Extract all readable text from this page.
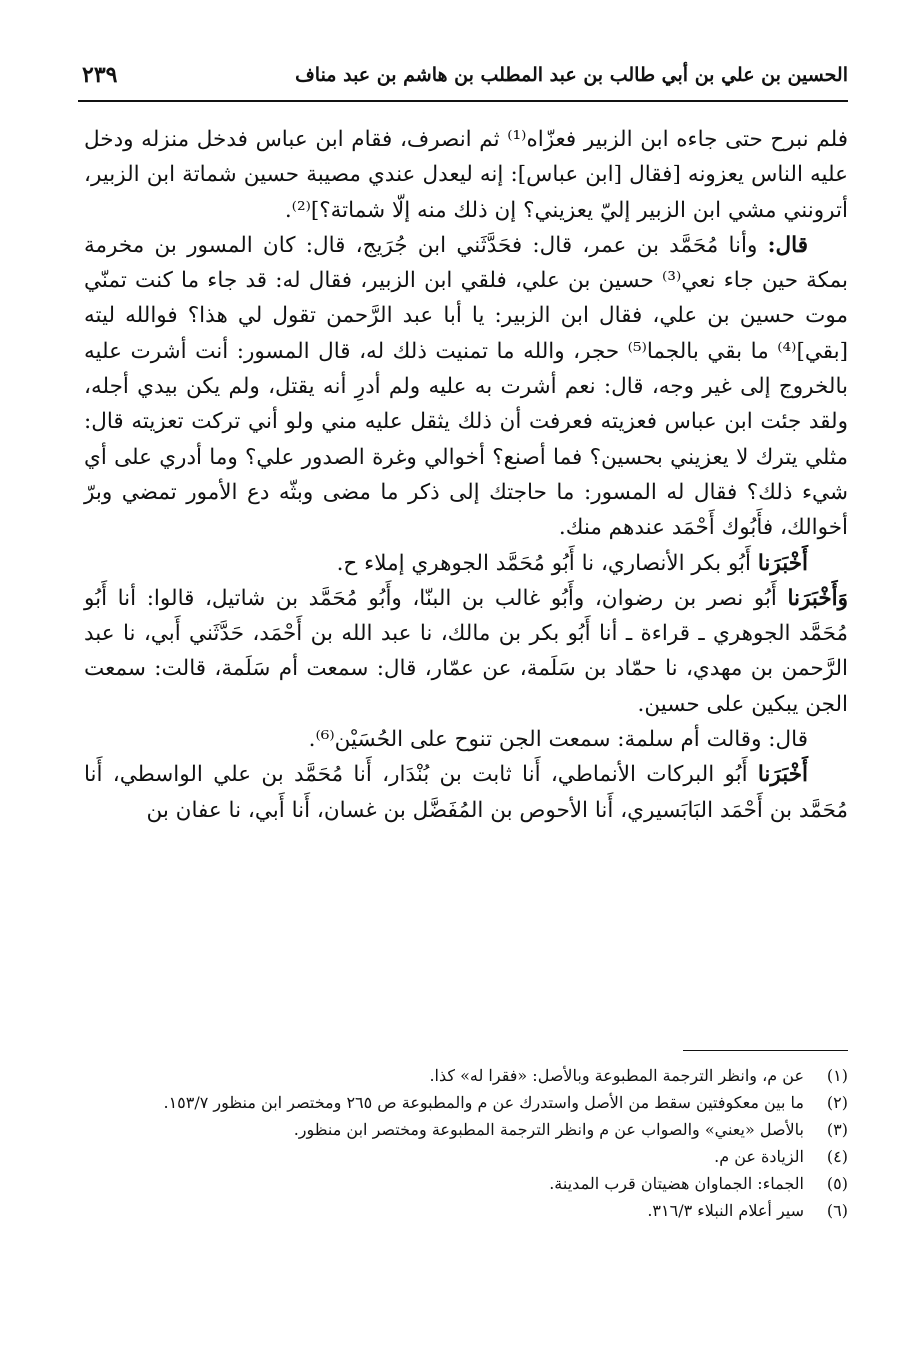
الحسين بن علي بن أبي طالب بن عبد المطلب بن هاشم بن عبد مناف
٢٣٩

فلم نبرح حتى جاءه ابن الزبير فعزّاه⁽¹⁾ ثم انصرف، فقام ابن عباس فدخل منزله ودخل عليه الناس يعزونه [فقال [ابن عباس]: إنه ليعدل عندي مصيبة حسين شماتة ابن الزبير، أترونني مشي ابن الزبير إليّ يعزيني؟ إن ذلك منه إلّا شماتة؟]⁽²⁾.

قال: وأنا مُحَمَّد بن عمر، قال: فحَدَّثَني ابن جُرَيج، قال: كان المسور بن مخرمة بمكة حين جاء نعي⁽³⁾ حسين بن علي، فلقي ابن الزبير، فقال له: قد جاء ما كنت تمنّي موت حسين بن علي، فقال ابن الزبير: يا أبا عبد الرَّحمن تقول لي هذا؟ فوالله ليته [بقي]⁽⁴⁾ ما بقي بالجما⁽⁵⁾ حجر، والله ما تمنيت ذلك له، قال المسور: أنت أشرت عليه بالخروج إلى غير وجه، قال: نعم أشرت به عليه ولم أدرِ أنه يقتل، ولم يكن بيدي أجله، ولقد جئت ابن عباس فعزيته فعرفت أن ذلك يثقل عليه مني ولو أني تركت تعزيته قال: مثلي يترك لا يعزيني بحسين؟ فما أصنع؟ أخوالي وغرة الصدور علي؟ وما أدري على أي شيء ذلك؟ فقال له المسور: ما حاجتك إلى ذكر ما مضى وبثّه دع الأمور تمضي وبرّ أخوالك، فأَبُوك أَحْمَد عندهم منك.

أَخْبَرَنا أَبُو بكر الأنصاري، نا أَبُو مُحَمَّد الجوهري إملاء ح.

وَأَخْبَرَنا أَبُو نصر بن رضوان، وأَبُو غالب بن البنّا، وأَبُو مُحَمَّد بن شاتيل، قالوا: أنا أَبُو مُحَمَّد الجوهري ـ قراءة ـ أنا أَبُو بكر بن مالك، نا عبد الله بن أَحْمَد، حَدَّثَني أَبي، نا عبد الرَّحمن بن مهدي، نا حمّاد بن سَلَمة، عن عمّار، قال: سمعت أم سَلَمة، قالت: سمعت الجن يبكين على حسين.

قال: وقالت أم سلمة: سمعت الجن تنوح على الحُسَيْن⁽⁶⁾.

أَخْبَرَنا أَبُو البركات الأنماطي، أَنا ثابت بن بُنْدَار، أَنا مُحَمَّد بن علي الواسطي، أَنا مُحَمَّد بن أَحْمَد البَابَسيري، أَنا الأحوص بن المُفَضَّل بن غسان، أَنا أَبي، نا عفان بن

(١)
عن م، وانظر الترجمة المطبوعة وبالأصل: «فقرا له» كذا.
(٢)
ما بين معكوفتين سقط من الأصل واستدرك عن م والمطبوعة ص ٢٦٥ ومختصر ابن منظور ١٥٣/٧.
(٣)
بالأصل «يعني» والصواب عن م وانظر الترجمة المطبوعة ومختصر ابن منظور.
(٤)
الزيادة عن م.
(٥)
الجماء: الجماوان هضيتان قرب المدينة.
(٦)
سير أعلام النبلاء ٣١٦/٣.
